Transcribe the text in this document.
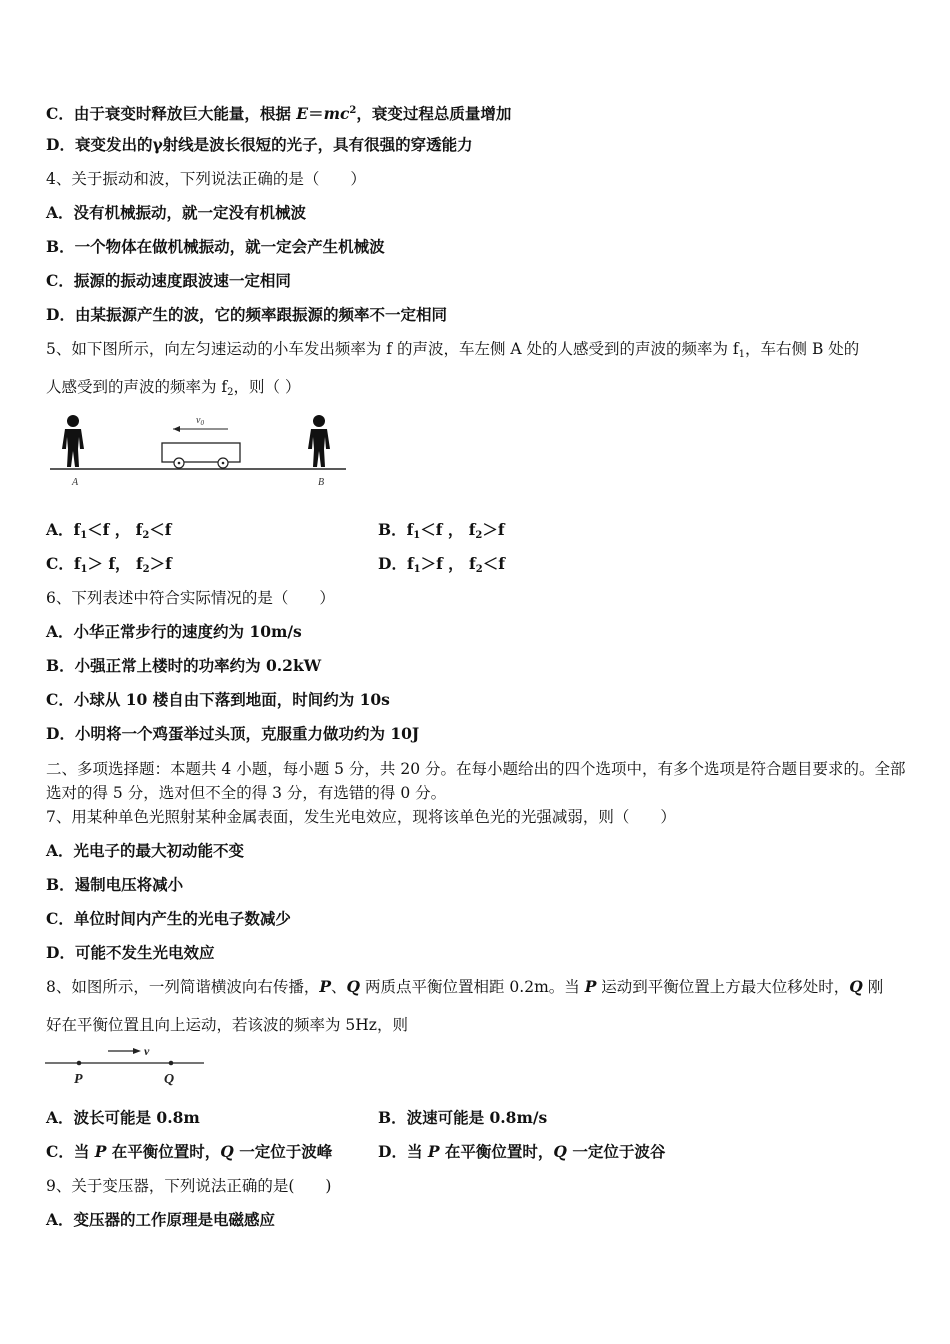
C．由于衰变时释放巨大能量，根据 $E=mc^2$，衰变过程总质量增加
D．衰变发出的γ射线是波长很短的光子，具有很强的穿透能力
4、关于振动和波，下列说法正确的是（　　）
A．没有机械振动，就一定没有机械波
B．一个物体在做机械振动，就一定会产生机械波
C．振源的振动速度跟波速一定相同
D．由某振源产生的波，它的频率跟振源的频率不一定相同
5、如下图所示，向左匀速运动的小车发出频率为 f 的声波，车左侧 A 处的人感受到的声波的频率为 $f_1$，车右侧 B 处的
人感受到的声波的频率为 $f_2$，则（ ）
$v_0$
A	B
A．$f_1<f$ ， $f_2<f$	B．$f_1<f$ ， $f_2>f$
C．$f_1> f$， $f_2>f$	D．$f_1>f$ ， $f_2<f$
6、下列表述中符合实际情况的是（　　）
A．小华正常步行的速度约为 10m/s
B．小强正常上楼时的功率约为 0.2kW
C．小球从 10 楼自由下落到地面，时间约为 10s
D．小明将一个鸡蛋举过头顶，克服重力做功约为 10J
二、多项选择题：本题共 4 小题，每小题 5 分，共 20 分。在每小题给出的四个选项中，有多个选项是符合题目要求的。全部选对的得 5 分，选对但不全的得 3 分，有选错的得 0 分。
7、用某种单色光照射某种金属表面，发生光电效应，现将该单色光的光强减弱，则（　　）
A．光电子的最大初动能不变
B．遏制电压将减小
C．单位时间内产生的光电子数减少
D．可能不发生光电效应
8、如图所示，一列简谐横波向右传播，P、Q 两质点平衡位置相距 0.2m。当 P 运动到平衡位置上方最大位移处时，Q 刚
好在平衡位置且向上运动，若该波的频率为 5Hz，则
v
P	Q
A．波长可能是 0.8m	B．波速可能是 0.8m/s
C．当 P 在平衡位置时，Q 一定位于波峰	D．当 P 在平衡位置时，Q 一定位于波谷
9、关于变压器，下列说法正确的是(　　)
A．变压器的工作原理是电磁感应
